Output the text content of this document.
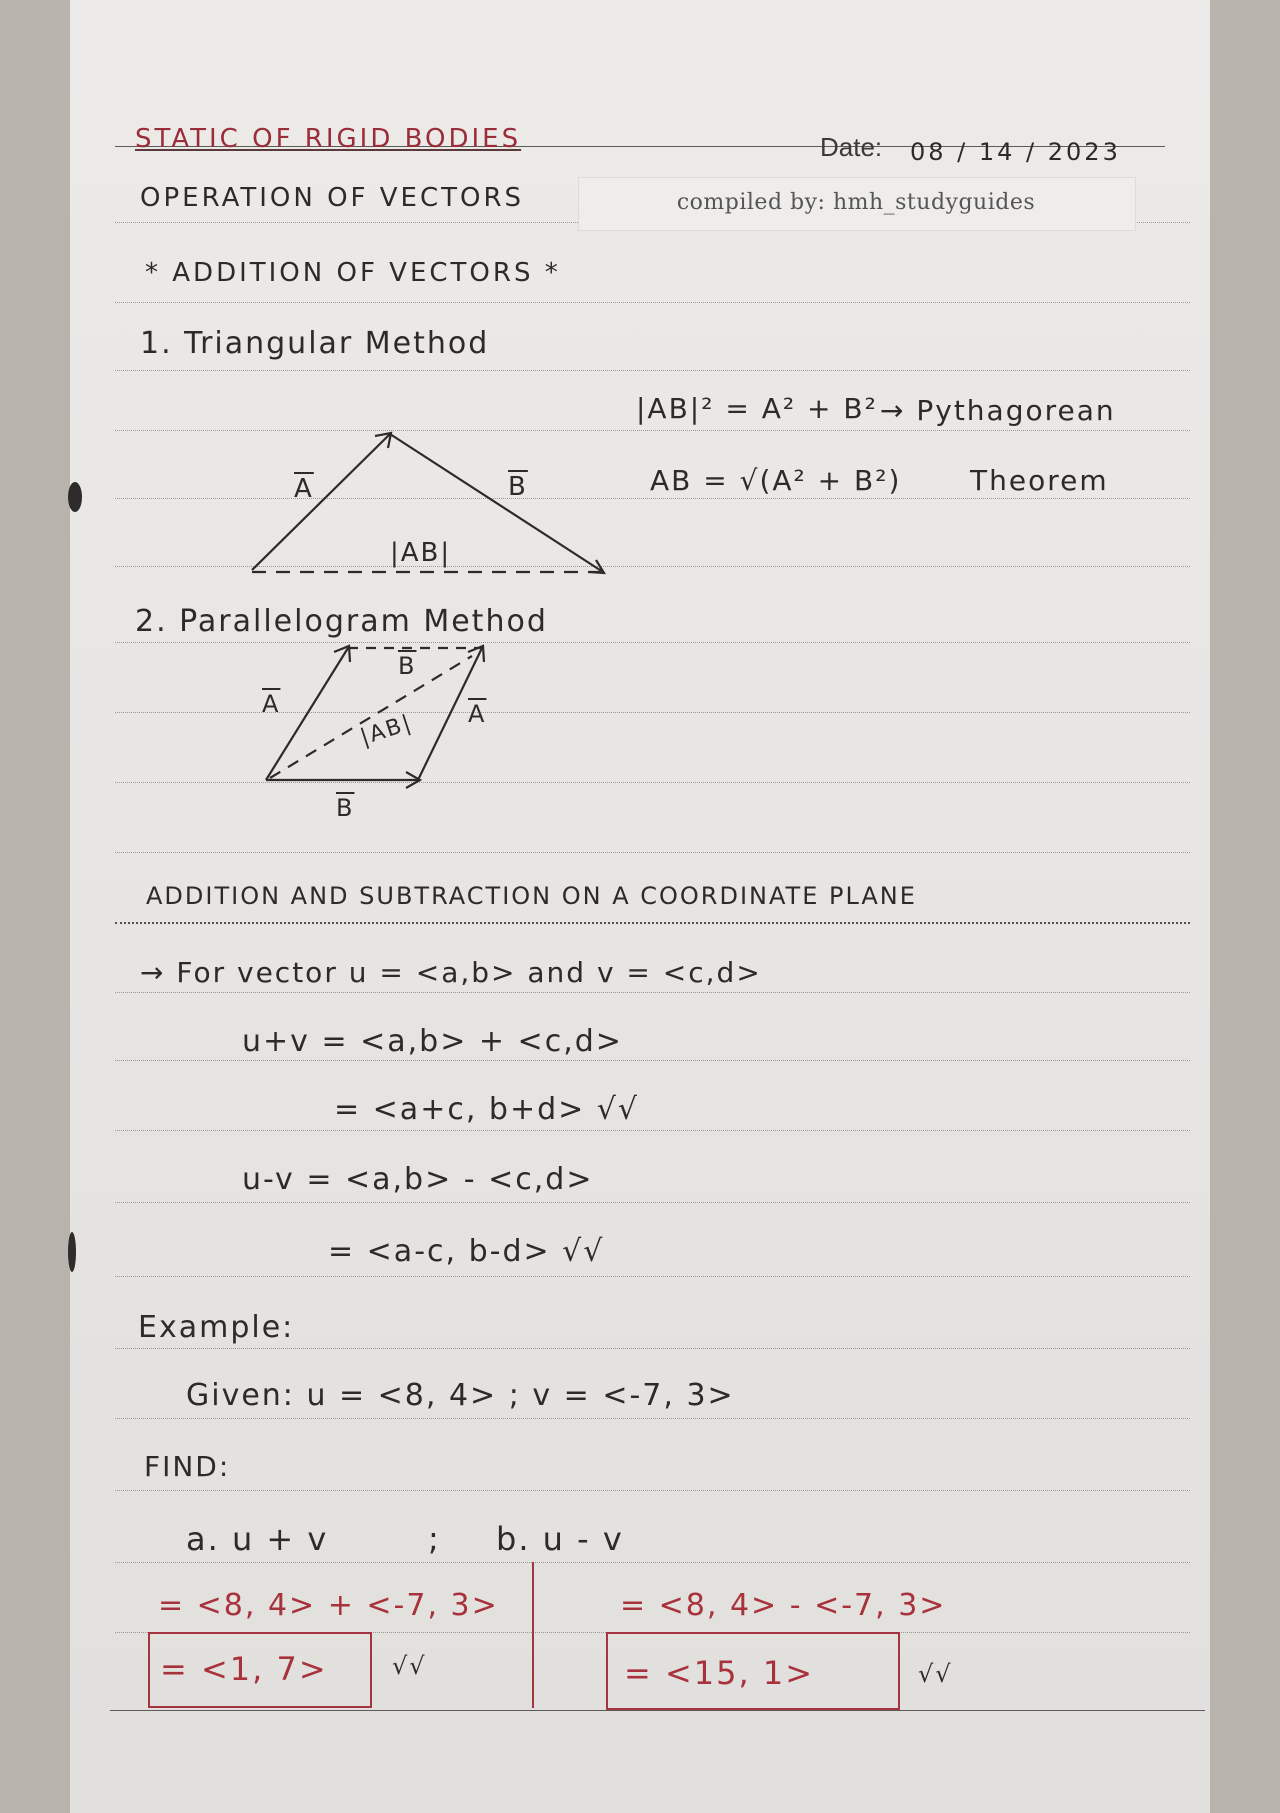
STATIC OF RIGID BODIES	Date: 08 / 14 / 2023
OPERATION OF VECTORS	compiled by: hmh_studyguides
* ADDITION OF VECTORS *
1. Triangular Method
$\overline{A}$	$\overline{B}$
|AB|
|AB|² = A² + B² → Pythagorean
AB = √(A² + B²) Theorem
2. Parallelogram Method
$\overline{A}$	$\overline{A}$
$\overline{B}$
$\overline{B}$
|AB|
ADDITION AND SUBTRACTION ON A COORDINATE PLANE
→ For vector u = <a,b> and v = <c,d>
u+v = <a,b> + <c,d>
= <a+c, b+d> √√
u-v = <a,b> - <c,d>
= <a-c, b-d> √√
Example:
Given: u = <8, 4> ; v = <-7, 3>
FIND:
a. u + v	; b. u - v
= <8, 4> + <-7, 3>	= <8, 4> - <-7, 3>
= <1, 7>	√√	= <15, 1>	√√
